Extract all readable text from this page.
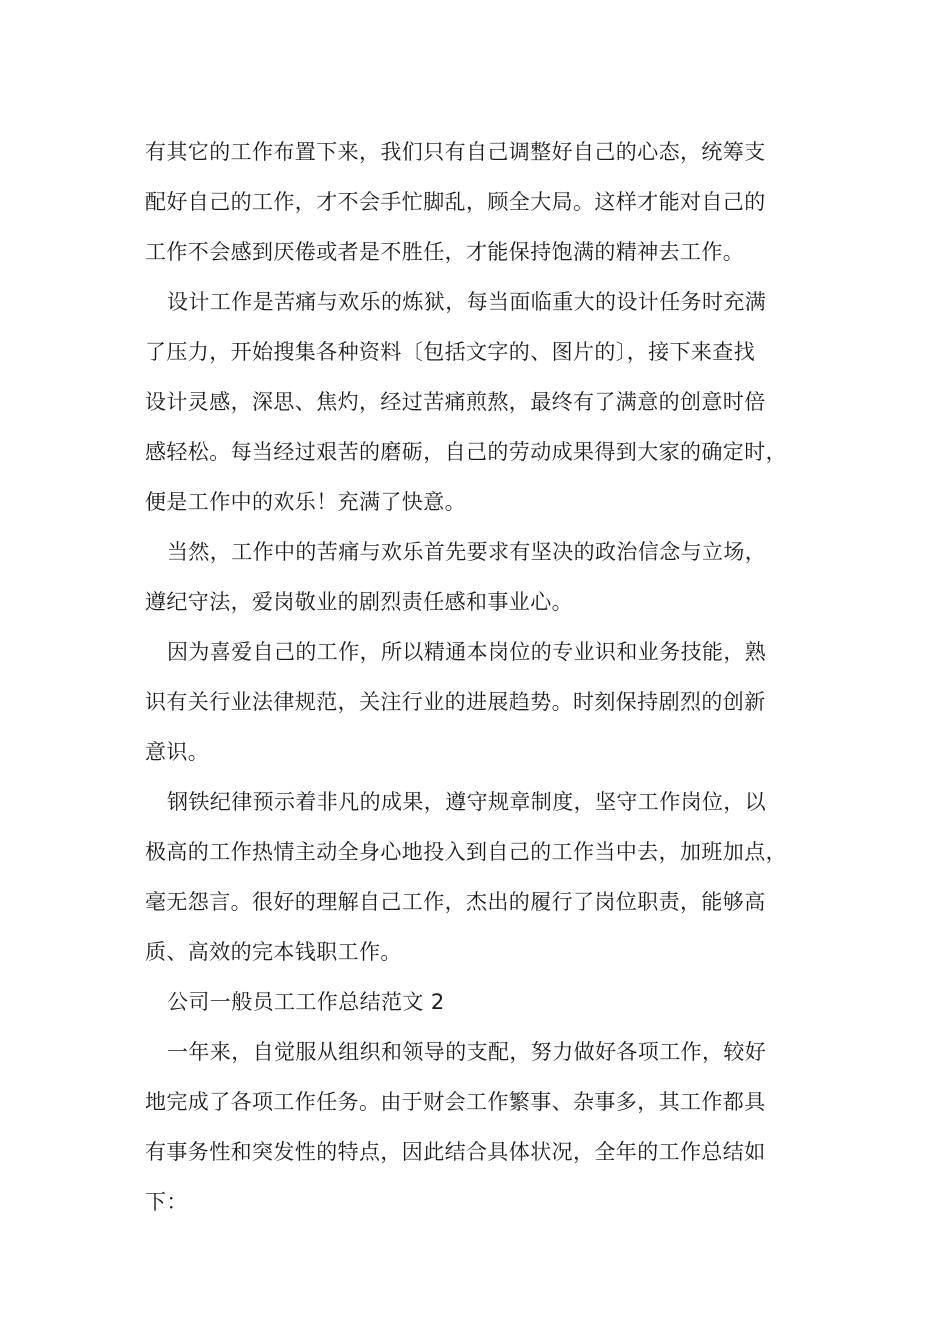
有其它的工作布置下来，我们只有自己调整好自己的心态，统筹支
配好自己的工作，才不会手忙脚乱，顾全大局。这样才能对自己的
工作不会感到厌倦或者是不胜任，才能保持饱满的精神去工作。
设计工作是苦痛与欢乐的炼狱，每当面临重大的设计任务时充满
了压力，开始搜集各种资料〔包括文字的、图片的〕，接下来查找
设计灵感，深思、焦灼，经过苦痛煎熬，最终有了满意的创意时倍
感轻松。每当经过艰苦的磨砺，自己的劳动成果得到大家的确定时，
便是工作中的欢乐！充满了快意。
当然，工作中的苦痛与欢乐首先要求有坚决的政治信念与立场，
遵纪守法，爱岗敬业的剧烈责任感和事业心。
因为喜爱自己的工作，所以精通本岗位的专业识和业务技能，熟
识有关行业法律规范，关注行业的进展趋势。时刻保持剧烈的创新
意识。
钢铁纪律预示着非凡的成果，遵守规章制度，坚守工作岗位，以
极高的工作热情主动全身心地投入到自己的工作当中去，加班加点，
毫无怨言。很好的理解自己工作，杰出的履行了岗位职责，能够高
质、高效的完本钱职工作。
公司一般员工工作总结范文 2
一年来，自觉服从组织和领导的支配，努力做好各项工作，较好
地完成了各项工作任务。由于财会工作繁事、杂事多，其工作都具
有事务性和突发性的特点，因此结合具体状况，全年的工作总结如
下：
